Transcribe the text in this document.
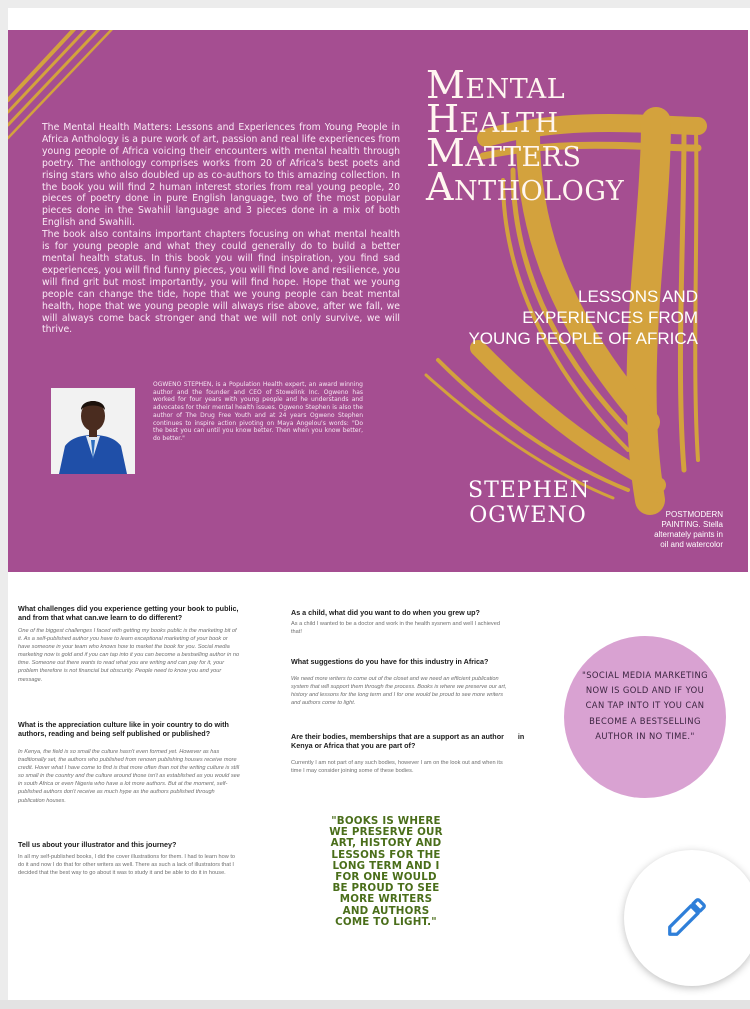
The Mental Health Matters: Lessons and Experiences from Young People in Africa Anthology is a pure work of art, passion and real life experiences from young people of Africa voicing their encounters with mental health through poetry. The anthology comprises works from 20 of Africa's best poets and rising stars who also doubled up as co-authors to this amazing collection. In the book you will find 2 human interest stories from real young people, 20 pieces of poetry done in pure English language, two of the most popular pieces done in the Swahili language and 3 pieces done in a mix of both English and Swahili.

The book also contains important chapters focusing on what mental health is for young people and what they could generally do to build a better mental health status. In this book you will find inspiration, you find sad experiences, you will find funny pieces, you will find love and resilience, you will find grit but most importantly, you will find hope. Hope that we young people can change the tide, hope that we young people can beat mental health, hope that we young people will always rise above, after we fall, we will always come back stronger and that we will not only survive, we will thrive.

Mental
Health
Matters
Anthology
LESSONS AND
EXPERIENCES FROM
YOUNG PEOPLE OF AFRICA

OGWENO STEPHEN, is a Population Health expert, an award winning author and the founder and CEO of Stowelink Inc. Ogweno has worked for four years with young people and he understands and advocates for their mental health issues. Ogweno Stephen is also the author of The Drug Free Youth and at 24 years Ogweno Stephen continues to inspire action pivoting on Maya Angelou's words: "Do the best you can until you know better. Then when you know better, do better."

STEPHEN
OGWENO	POSTMODERN
PAINTING. Stella
alternately paints in
oil and watercolor

What challenges did you experience getting your book to public, and from that what can.we learn to do different?

One of the biggest challenges I faced with getting my books public is the marketing bit of it. As a self-published author you have to learn exceptional marketing of your book or have someone in your team who knows how to market the book for you. Social media marketing now is gold and if you can tap into it you can become a bestselling author in no time. Someone out there wants to read what you are writing and can pay for it, your problem therefore is not financial but obscurity. People need to know you and your message.

What is the appreciation culture like in yoir country to do with authors, reading and being self published or published?

In Kenya, the field is so small the culture hasn't even formed yet. However as has traditionally set, the authors who published from renown publishing houses receive more credit. Hover what I have come to find is that more often than not the writing culture is still so small in the country and the culture around those isn't as established as you would see in south Africa or even Nigeria who have a lot more authors. But at the moment, self-published authors don't receive as much hype as the authors published through publication houses.

Tell us about your illustrator and this journey?

In all my self-published books, I did the cover illustrations for them. I had to learn how to do it and now I do that for other writers as well. There as such a lack of illustrators that I decided that the best way to go about it was to study it and be able to do it in house.

As a child, what did you want to do when you grew up?

As a child I wanted to be a doctor and work in the health sysnem and well I achieved that!

What suggestions do you have for this industry in Africa?

We need more writers to come out of the closet and we need an efficient publication system that will support them through the process. Books is where we preserve our art, history and lessons for the long term and I for one would be proud to see more writers and authors come to light.

Are their bodies, memberships that are a support as an author       in Kenya or Africa that you are part of?

Currently I am not part of any such bodies, however I am on the look out and when its time I may consider joining some of these bodies.

"BOOKS IS WHERE WE PRESERVE OUR ART, HISTORY AND LESSONS FOR THE LONG TERM AND I FOR ONE WOULD BE PROUD TO SEE MORE WRITERS AND AUTHORS COME TO LIGHT."
"SOCIAL MEDIA MARKETING NOW IS GOLD AND IF YOU CAN TAP INTO IT YOU CAN BECOME A BESTSELLING AUTHOR IN NO TIME."
